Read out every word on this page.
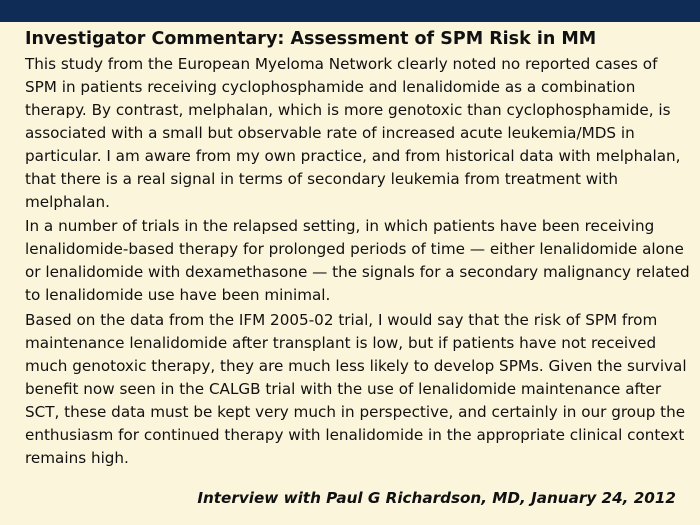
Investigator Commentary: Assessment of SPM Risk in MM
This study from the European Myeloma Network clearly noted no reported cases of SPM in patients receiving cyclophosphamide and lenalidomide as a combination therapy. By contrast, melphalan, which is more genotoxic than cyclophosphamide, is associated with a small but observable rate of increased acute leukemia/MDS in particular. I am aware from my own practice, and from historical data with melphalan, that there is a real signal in terms of secondary leukemia from treatment with melphalan.
In a number of trials in the relapsed setting, in which patients have been receiving lenalidomide-based therapy for prolonged periods of time — either lenalidomide alone or lenalidomide with dexamethasone — the signals for a secondary malignancy related to lenalidomide use have been minimal.
Based on the data from the IFM 2005-02 trial, I would say that the risk of SPM from maintenance lenalidomide after transplant is low, but if patients have not received much genotoxic therapy, they are much less likely to develop SPMs. Given the survival benefit now seen in the CALGB trial with the use of lenalidomide maintenance after SCT, these data must be kept very much in perspective, and certainly in our group the enthusiasm for continued therapy with lenalidomide in the appropriate clinical context remains high.
Interview with Paul G Richardson, MD, January 24, 2012
